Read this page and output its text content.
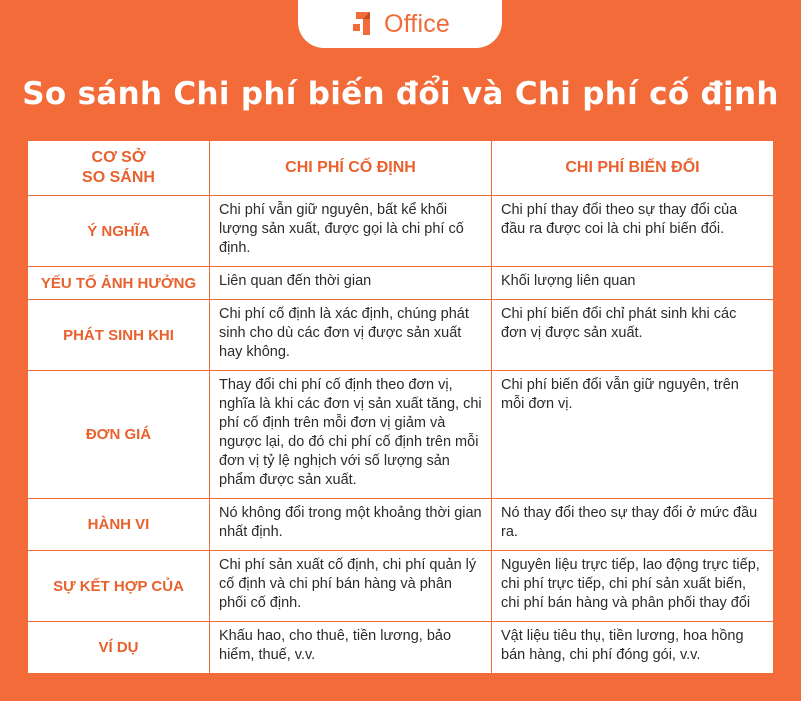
Office
So sánh Chi phí biến đổi và Chi phí cố định
CƠ SỞ
SO SÁNH	CHI PHÍ CỐ ĐỊNH	CHI PHÍ BIẾN ĐỔI

Ý NGHĨA	Chi phí vẫn giữ nguyên, bất kể khối lượng sản xuất, được gọi là chi phí cố định.	Chi phí thay đổi theo sự thay đổi của đầu ra được coi là chi phí biến đổi.

YẾU TỐ ẢNH HƯỞNG	Liên quan đến thời gian	Khối lượng liên quan

PHÁT SINH KHI	Chi phí cố định là xác định, chúng phát sinh cho dù các đơn vị được sản xuất hay không.	Chi phí biến đổi chỉ phát sinh khi các đơn vị được sản xuất.

ĐƠN GIÁ	Thay đổi chi phí cố định theo đơn vị, nghĩa là khi các đơn vị sản xuất tăng, chi phí cố định trên mỗi đơn vị giảm và ngược lại, do đó chi phí cố định trên mỗi đơn vị tỷ lệ nghịch với số lượng sản phẩm được sản xuất.	Chi phí biến đổi vẫn giữ nguyên, trên mỗi đơn vị.

HÀNH VI	Nó không đổi trong một khoảng thời gian nhất định.	Nó thay đổi theo sự thay đổi ở mức đầu ra.

SỰ KẾT HỢP CỦA	Chi phí sản xuất cố định, chi phí quản lý cố định và chi phí bán hàng và phân phối cố định.	Nguyên liệu trực tiếp, lao động trực tiếp, chi phí trực tiếp, chi phí sản xuất biến, chi phí bán hàng và phân phối thay đổi

VÍ DỤ	Khấu hao, cho thuê, tiền lương, bảo hiểm, thuế, v.v.	Vật liệu tiêu thụ, tiền lương, hoa hồng bán hàng, chi phí đóng gói, v.v.
